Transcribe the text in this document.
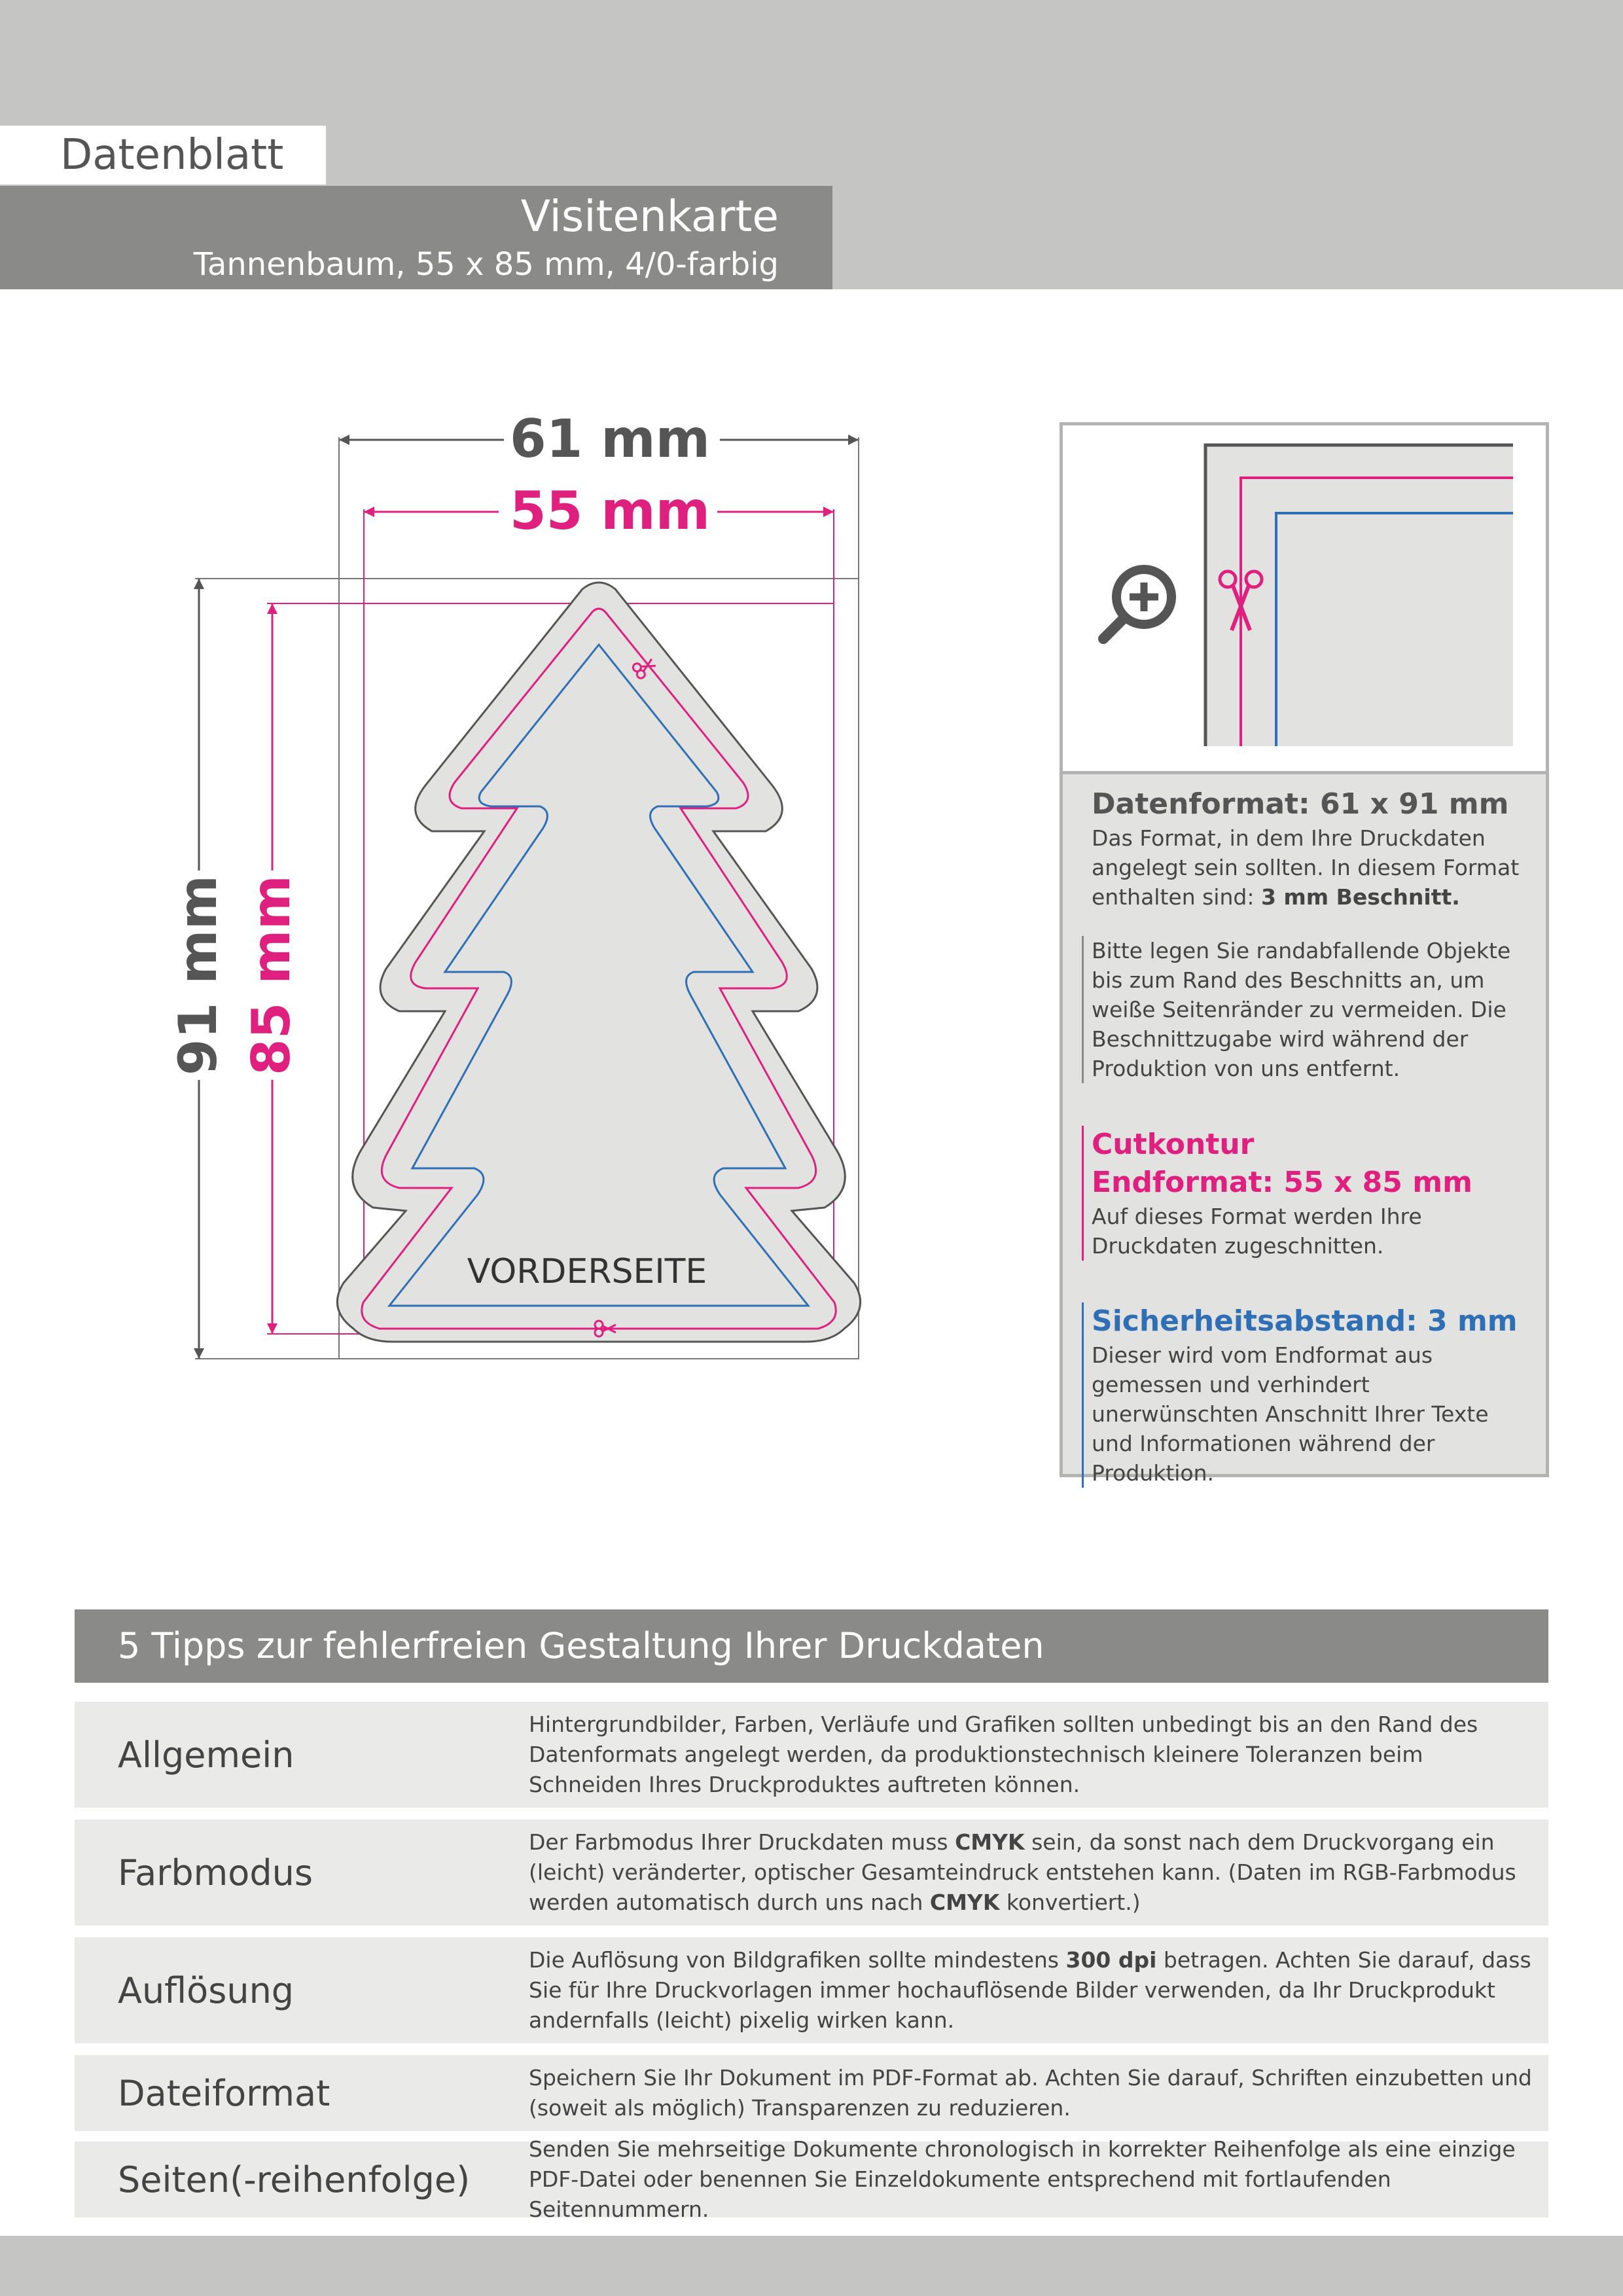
Datenblatt
Visitenkarte
Tannenbaum, 55 x 85 mm, 4/0-farbig
61 mm
55 mm
91 mm 85 mm
VORDERSEITE
Datenformat: 61 x 91 mm
Das Format, in dem Ihre Druckdaten angelegt sein sollten. In diesem Format enthalten sind: 3 mm Beschnitt.
Bitte legen Sie randabfallende Objekte bis zum Rand des Beschnitts an, um weiße Seitenränder zu vermeiden. Die Beschnittzugabe wird während der Produktion von uns entfernt.
Cutkontur
Endformat: 55 x 85 mm
Auf dieses Format werden Ihre Druckdaten zugeschnitten.
Sicherheitsabstand: 3 mm
Dieser wird vom Endformat aus gemessen und verhindert unerwünschten Anschnitt Ihrer Texte und Informationen während der Produktion.
5 Tipps zur fehlerfreien Gestaltung Ihrer Druckdaten
Allgemein
Hintergrundbilder, Farben, Verläufe und Grafiken sollten unbedingt bis an den Rand des Datenformats angelegt werden, da produktionstechnisch kleinere Toleranzen beim Schneiden Ihres Druckproduktes auftreten können.
Farbmodus
Der Farbmodus Ihrer Druckdaten muss CMYK sein, da sonst nach dem Druckvorgang ein (leicht) veränderter, optischer Gesamteindruck entstehen kann. (Daten im RGB-Farbmodus werden automatisch durch uns nach CMYK konvertiert.)
Auflösung
Die Auflösung von Bildgrafiken sollte mindestens 300 dpi betragen. Achten Sie darauf, dass Sie für Ihre Druckvorlagen immer hochauflösende Bilder verwenden, da Ihr Druckprodukt andernfalls (leicht) pixelig wirken kann.
Dateiformat	Speichern Sie Ihr Dokument im PDF-Format ab. Achten Sie darauf, Schriften einzubetten und (soweit als möglich) Transparenzen zu reduzieren.
Seiten(-reihenfolge)
Senden Sie mehrseitige Dokumente chronologisch in korrekter Reihenfolge als eine einzige PDF-Datei oder benennen Sie Einzeldokumente entsprechend mit fortlaufenden Seitennummern.
